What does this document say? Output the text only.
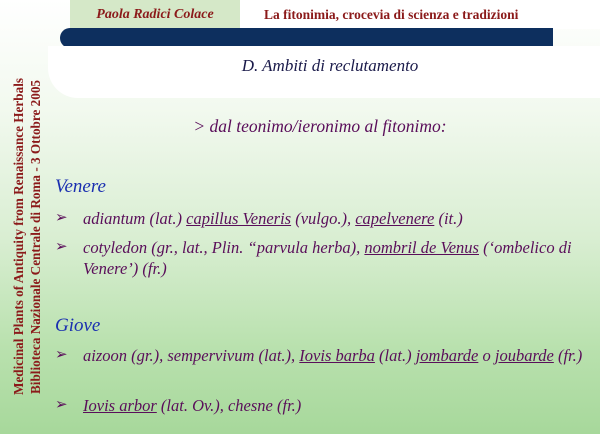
Paola Radici Colace	La fitonimia, crocevia di scienza e tradizioni
Medicinal Plants of Antiquity from Renaissance Herbals Biblioteca Nazionale Centrale di Roma - 3 Ottobre 2005
D. Ambiti di reclutamento
> dal teonimo/ieronimo al fitonimo:
Venere
➢ adiantum (lat.) capillus Veneris (vulgo.), capelvenere (it.)
➢ cotyledon (gr., lat., Plin. “parvula herba), nombril de Venus (‘ombelico di Venere’) (fr.)
Giove
➢ aizoon (gr.), sempervivum (lat.), Iovis barba (lat.) jombarde o joubarde (fr.)
➢ Iovis arbor (lat. Ov.), chesne (fr.)
